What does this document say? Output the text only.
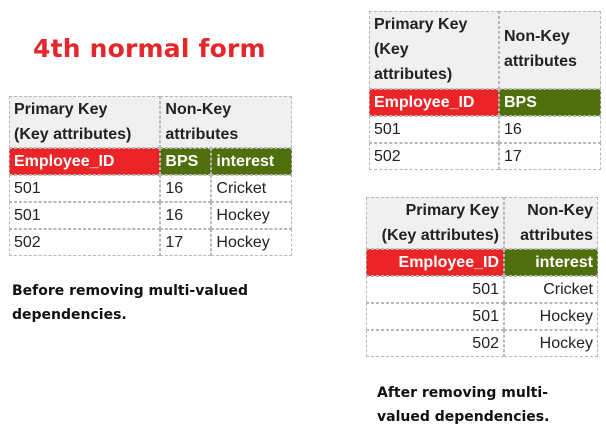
4th normal form
Primary Key
(Key attributes)	Non-Key
attributes	
Employee_ID	BPS	interest
501	16	Cricket
501	16	Hockey
502	17	Hockey
Before removing multi-valued
dependencies.
Primary Key
(Key
attributes)	Non-Key
attributes
Employee_ID	BPS
501	16
502	17
Primary Key
(Key attributes)	Non-Key
attributes
Employee_ID	interest
501	Cricket
501	Hockey
502	Hockey
After removing multi-
valued dependencies.
